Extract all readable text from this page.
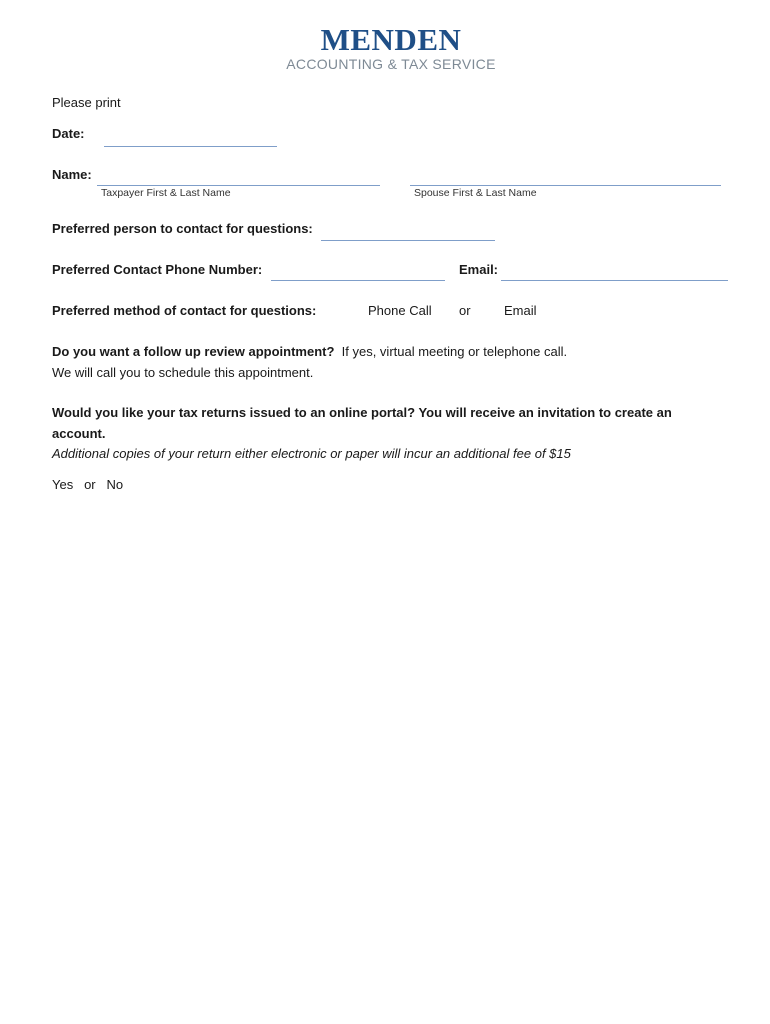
MENDEN
ACCOUNTING & TAX SERVICE
Please print
Date:
Name:
Taxpayer First & Last Name	Spouse First & Last Name
Preferred person to contact for questions:
Preferred Contact Phone Number:	Email:
Preferred method of contact for questions:	Phone Call or	Email
Do you want a follow up review appointment? If yes, virtual meeting or telephone call.
We will call you to schedule this appointment.
Would you like your tax returns issued to an online portal? You will receive an invitation to create an
account.
Additional copies of your return either electronic or paper will incur an additional fee of $15
Yes or No
